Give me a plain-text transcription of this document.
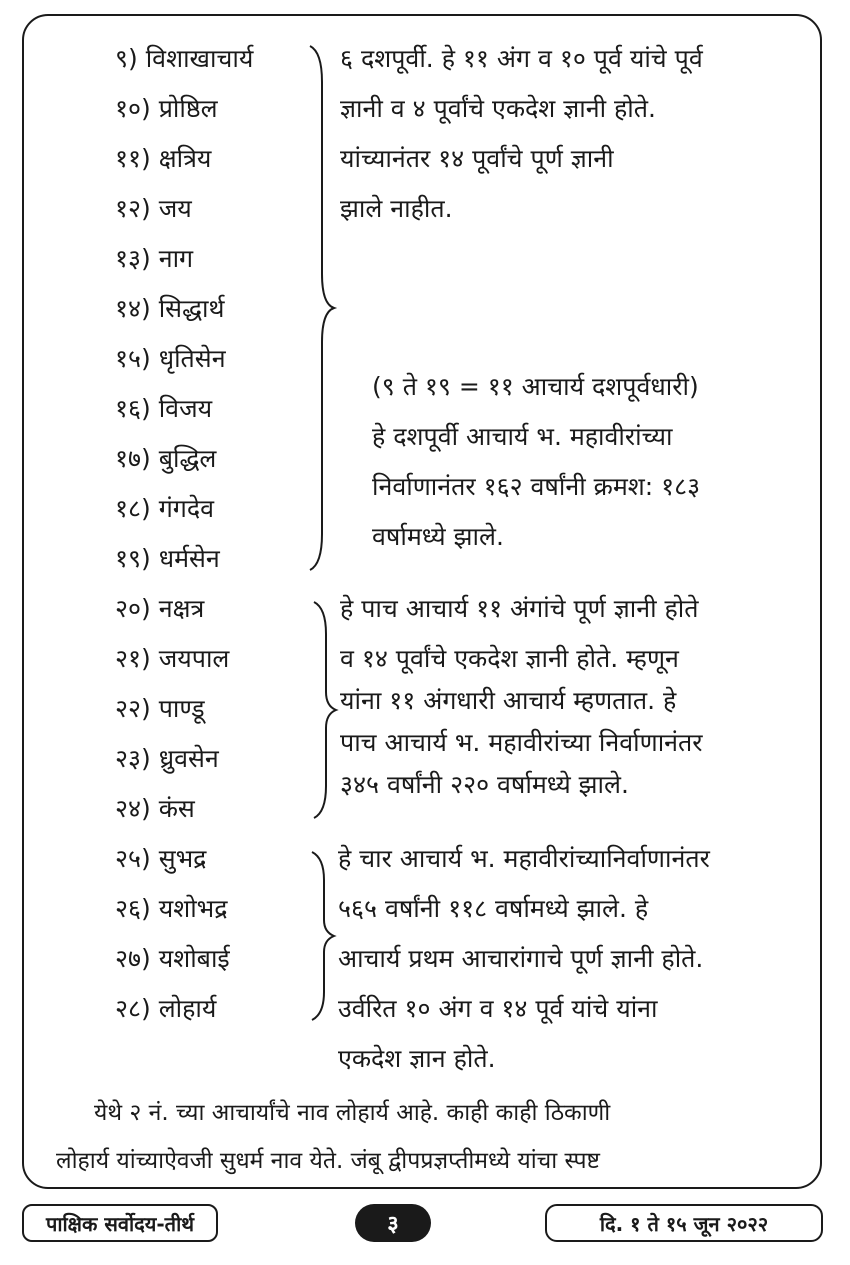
९) विशाखाचार्य
१०) प्रोष्ठिल
११) क्षत्रिय
१२) जय
१३) नाग
१४) सिद्धार्थ
१५) धृतिसेन
१६) विजय
१७) बुद्धिल
१८) गंगदेव
१९) धर्मसेन
२०) नक्षत्र
२१) जयपाल
२२) पाण्डू
२३) ध्रुवसेन
२४) कंस
२५) सुभद्र
२६) यशोभद्र
२७) यशोबाई
२८) लोहार्य
६ दशपूर्वी. हे ११ अंग व १० पूर्व यांचे पूर्व
ज्ञानी व ४ पूर्वांचे एकदेश ज्ञानी होते.
यांच्यानंतर १४ पूर्वांचे पूर्ण ज्ञानी
झाले नाहीत.
(९ ते १९ = ११ आचार्य दशपूर्वधारी)
हे दशपूर्वी आचार्य भ. महावीरांच्या
निर्वाणानंतर १६२ वर्षांनी क्रमश: १८३
वर्षामध्ये झाले.
हे पाच आचार्य ११ अंगांचे पूर्ण ज्ञानी होते
व १४ पूर्वांचे एकदेश ज्ञानी होते. म्हणून
यांना ११ अंगधारी आचार्य म्हणतात. हे
पाच आचार्य भ. महावीरांच्या निर्वाणानंतर
३४५ वर्षांनी २२० वर्षामध्ये झाले.
हे चार आचार्य भ. महावीरांच्यानिर्वाणानंतर
५६५ वर्षांनी ११८ वर्षामध्ये झाले. हे
आचार्य प्रथम आचारांगाचे पूर्ण ज्ञानी होते.
उर्वरित १० अंग व १४ पूर्व यांचे यांना
एकदेश ज्ञान होते.
येथे २ नं. च्या आचार्यांचे नाव लोहार्य आहे. काही काही ठिकाणी
लोहार्य यांच्याऐवजी सुधर्म नाव येते. जंबू द्वीपप्रज्ञप्तीमध्ये यांचा स्पष्ट
पाक्षिक सर्वोदय-तीर्थ	३	दि. १ ते १५ जून २०२२
